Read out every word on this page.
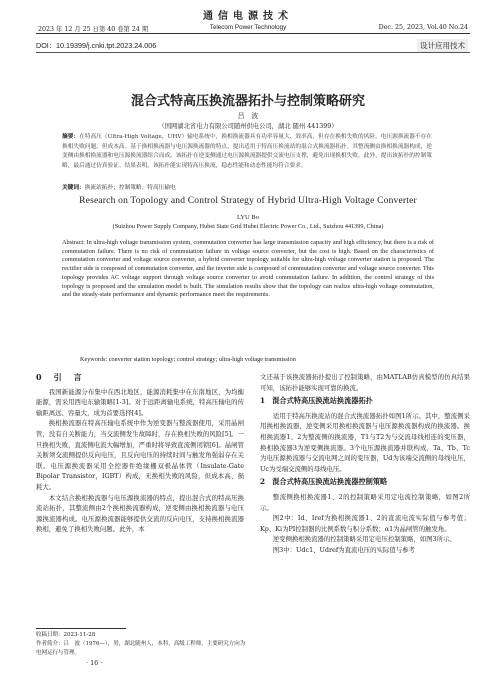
通信电源技术
2023 年 12 月 25 日第 40 卷第 24 期	Telecom Power Technology	Dec. 25, 2023, Vol.40 No.24
DOI：10.19399/j.cnki.tpt.2023.24.006	设计应用技术
混合式特高压换流器拓扑与控制策略研究
吕　波
（国网湖北省电力有限公司随州供电公司，湖北 随州 441399）
摘要：在特高压（Ultra-High Voltage，UHV）输电系统中，换相换流器具有功率容量大、效率高，但存在换相失败的风险。电压源换流器不存在换相失败问题，但成本高。基于换相换流器与电压源换流器的特点，提出适用于特高压换流站的混合式换流器拓扑。其整流侧由换相换流器构成，逆变侧由换相换流器和电压源换流器组合而成。该拓扑在逆变侧通过电压源换流器提供交流电压支撑，避免出现换相失败。此外，提出该拓扑的控制策略，最后通过仿真验证。结果表明，该拓扑能实现特高压换流，稳态性能和动态性能均符合要求。
关键词：换流站拓扑；控制策略；特高压输电
Research on Topology and Control Strategy of Hybrid Ultra-High Voltage Converter
LYU Bo
(Suizhou Power Supply Company, Hubei State Grid Hubei Electric Power Co., Ltd., Suizhou 441399, China)
Abstract: In ultra-high voltage transmission system, commutation converter has large transmission capacity and high efficiency, but there is a risk of commutation failure. There is no risk of commutation failure in voltage source converter, but the cost is high. Based on the characteristics of commutation converter and voltage source converter, a hybrid converter topology suitable for ultra-high voltage converter station is proposed. The rectifier side is composed of commutation converter, and the inverter side is composed of commutation converter and voltage source converter. This topology provides AC voltage support through voltage source converter to avoid commutation failure. In addition, the control strategy of this topology is proposed and the simulation model is built. The simulation results show that the topology can realize ultra-high voltage commutation, and the steady-state performance and dynamic performance meet the requirements.
Keywords: converter station topology; control strategy; ultra-high voltage transmission
0　引　言

我国新能源分布集中在西北地区，能源消耗集中在东南地区，为均衡能源，需采用西电东输策略[1-3]。对于远距离输电系统，特高压输电的传输距离远、容量大，成为首要选择[4]。

换相换流器在特高压输电系统中作为逆变器与整流器使用，采用晶闸管，没有自关断能力，当交流侧发生故障时，存在换相失败的风险[5]。一旦换相失败，直流侧电流大幅增加，严重时将导致直流侧闭锁[6]。晶闸管关断须交流侧提供反向电压，且反向电压的持续时间与触发角强弱存在关联。电压源换流器采用全控器件绝缘栅双极晶体管（Insulate-Gate Bipolar Transistor，IGBT）构成，无换相失败的风险，但成本高、损耗大。

本文结合换相换流器与电压源换流器的特点，提出混合式的特高压换流站拓扑，其整流侧由2个换相换流器构成，逆变侧由换相换流器与电压源换流器构成。电压源换流器能够提供交流的反向电压，支持换相换流器换相，避免了换相失败问题。此外，本

文还基于该换流器拓扑提出了控制策略，由MATLAB仿真模型的仿真结果可知，该拓扑能够实现可靠的换流。

1　混合式特高压换流站换流器拓扑

适用于特高压换流站的混合式换流器拓扑如图1所示。其中，整流侧采用换相换流器，逆变侧采用换相换流器与电压源换流器构成的换流器。换相换流器1、2为整流侧的换流器，T1与T2为与交流母线相连的变压器，换相换流器3为逆变侧换流器。3个电压源换流器并联构成，Ta、Tb、Tc为电压源换流器与交流电网之间的变压器，Ud为该端交流侧的母线电压，Uc为受端交流侧的母线电压。

2　混合式特高压换流站换流器控制策略

整流侧换相换流器1、2的控制策略采用定电流控制策略，如图2所示。

图2中：Id、Iref为换相换流器1、2的直流电流实际值与参考值；Kp、Ki为PI控制器的比例系数与积分系数；α1为晶闸管的触发角。

逆变侧换相换流器的控制策略采用定电压控制策略，如图3所示。

图3中：Udc1、Udref为直流电压的实际值与参考

收稿日期：2023-11-28
作者简介：吕　波（1976—），男，湖北随州人，本科，高级工程师，主要研究方向为电网运行与管理。
· 16 ·
